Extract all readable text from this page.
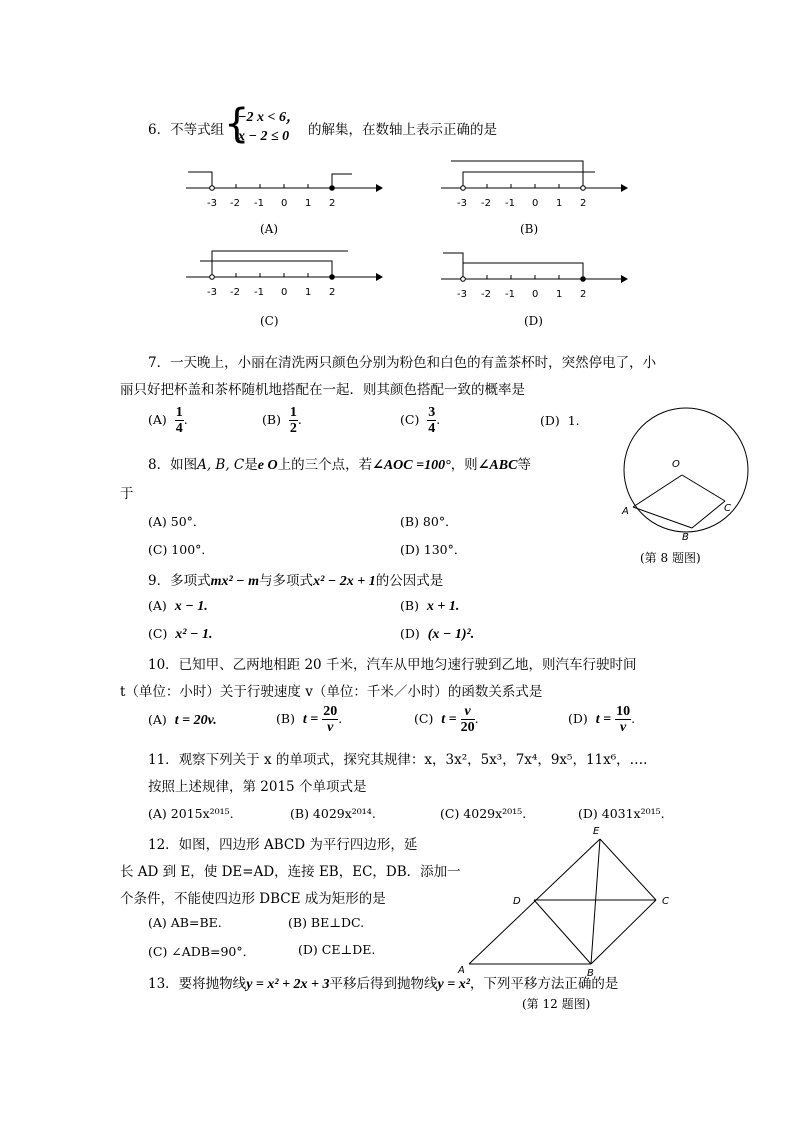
6．不等式组 {
−2 x < 6，
x − 2 ≤ 0 的解集，在数轴上表示正确的是
-3 -2 -1 0 1 2
(A)
-3 -2 -1 0 1 2
(B)
-3 -2 -1 0 1 2
(C)
-3 -2 -1 0 1 2
(D)
7．一天晚上，小丽在清洗两只颜色分别为粉色和白色的有盖茶杯时，突然停电了，小
丽只好把杯盖和茶杯随机地搭配在一起．则其颜色搭配一致的概率是
$(A) \frac{1}{4}$ .	$(B) \frac{1}{2}$ .	$(C) \frac{3}{4}$ .	(D) 1.
8．如图A, B, C是e O上的三个点，若∠AOC =100°，则∠ABC等
于
(A) 50°．	(B) 80°．
(C) 100°．	(D) 130°．
O
A
B
C
(第 8 题图)
9．多项式mx² − m与多项式x² − 2x + 1的公因式是
(A) x − 1.	(B) x + 1.
(C) x² − 1.	(D) (x − 1)².
10．已知甲、乙两地相距 20 千米，汽车从甲地匀速行驶到乙地，则汽车行驶时间
t（单位：小时）关于行驶速度 v（单位：千米／小时）的函数关系式是
(A) t = 20v.	(B) $t = \frac{20}{v}$ .	(C) $t = \frac{v}{20}$ .	(D) $t = \frac{10}{v}$ .
11．观察下列关于 x 的单项式，探究其规律：x，3x²，5x³，7x⁴，9x⁵，11x⁶，….
按照上述规律，第 2015 个单项式是
(A) 2015x²⁰¹⁵.	(B) 4029x²⁰¹⁴.	(C) 4029x²⁰¹⁵.	(D) 4031x²⁰¹⁵.
12．如图，四边形 ABCD 为平行四边形，延
长 AD 到 E，使 DE=AD，连接 EB，EC，DB．添加一
个条件，不能使四边形 DBCE 成为矩形的是
(A) AB=BE.	(B) BE⊥DC.
(C) ∠ADB=90°．	(D) CE⊥DE.
E
D	C
A	B
13．要将抛物线y = x² + 2x + 3平移后得到抛物线y = x²，下列平移方法正确的是
(第 12 题图)
